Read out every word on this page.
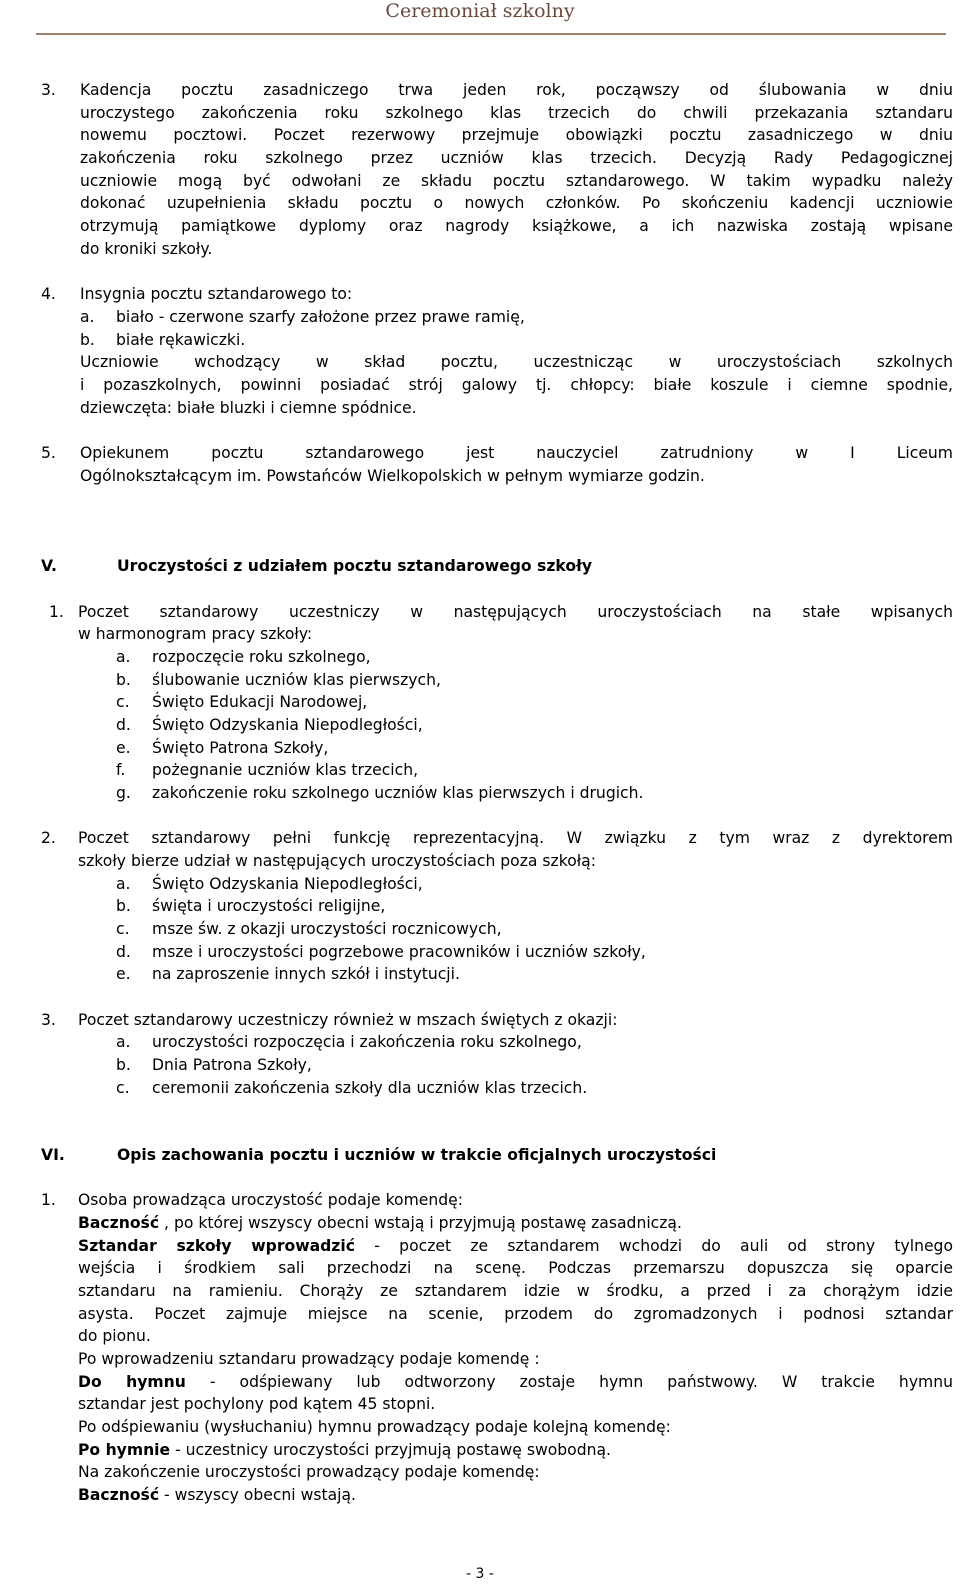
Ceremoniał szkolny
3. Kadencja pocztu zasadniczego trwa jeden rok, począwszy od ślubowania w dniu
uroczystego zakończenia roku szkolnego klas trzecich do chwili przekazania sztandaru
nowemu pocztowi. Poczet rezerwowy przejmuje obowiązki pocztu zasadniczego w dniu
zakończenia roku szkolnego przez uczniów klas trzecich. Decyzją Rady Pedagogicznej
uczniowie mogą być odwołani ze składu pocztu sztandarowego. W takim wypadku należy
dokonać uzupełnienia składu pocztu o nowych członków. Po skończeniu kadencji uczniowie
otrzymują pamiątkowe dyplomy oraz nagrody książkowe, a ich nazwiska zostają wpisane
do kroniki szkoły.
4. Insygnia pocztu sztandarowego to:
a. biało - czerwone szarfy założone przez prawe ramię,
b. białe rękawiczki.
Uczniowie wchodzący w skład pocztu, uczestnicząc w uroczystościach szkolnych
i pozaszkolnych, powinni posiadać strój galowy tj. chłopcy: białe koszule i ciemne spodnie,
dziewczęta: białe bluzki i ciemne spódnice.
5. Opiekunem pocztu sztandarowego jest nauczyciel zatrudniony w I Liceum
Ogólnokształcącym im. Powstańców Wielkopolskich w pełnym wymiarze godzin.
V.	Uroczystości z udziałem pocztu sztandarowego szkoły
1. Poczet sztandarowy uczestniczy w następujących uroczystościach na stałe wpisanych
w harmonogram pracy szkoły:
a. rozpoczęcie roku szkolnego,
b. ślubowanie uczniów klas pierwszych,
c. Święto Edukacji Narodowej,
d. Święto Odzyskania Niepodległości,
e. Święto Patrona Szkoły,
f. pożegnanie uczniów klas trzecich,
g. zakończenie roku szkolnego uczniów klas pierwszych i drugich.
2. Poczet sztandarowy pełni funkcję reprezentacyjną. W związku z tym wraz z dyrektorem
szkoły bierze udział w następujących uroczystościach poza szkołą:
a. Święto Odzyskania Niepodległości,
b. święta i uroczystości religijne,
c. msze św. z okazji uroczystości rocznicowych,
d. msze i uroczystości pogrzebowe pracowników i uczniów szkoły,
e. na zaproszenie innych szkół i instytucji.
3. Poczet sztandarowy uczestniczy również w mszach świętych z okazji:
a. uroczystości rozpoczęcia i zakończenia roku szkolnego,
b. Dnia Patrona Szkoły,
c. ceremonii zakończenia szkoły dla uczniów klas trzecich.
VI.	Opis zachowania pocztu i uczniów w trakcie oficjalnych uroczystości
1. Osoba prowadząca uroczystość podaje komendę:
Baczność , po której wszyscy obecni wstają i przyjmują postawę zasadniczą.
Sztandar szkoły wprowadzić - poczet ze sztandarem wchodzi do auli od strony tylnego
wejścia i środkiem sali przechodzi na scenę. Podczas przemarszu dopuszcza się oparcie
sztandaru na ramieniu. Chorąży ze sztandarem idzie w środku, a przed i za chorążym idzie
asysta. Poczet zajmuje miejsce na scenie, przodem do zgromadzonych i podnosi sztandar
do pionu.
Po wprowadzeniu sztandaru prowadzący podaje komendę :
Do hymnu - odśpiewany lub odtworzony zostaje hymn państwowy. W trakcie hymnu
sztandar jest pochylony pod kątem 45 stopni.
Po odśpiewaniu (wysłuchaniu) hymnu prowadzący podaje kolejną komendę:
Po hymnie - uczestnicy uroczystości przyjmują postawę swobodną.
Na zakończenie uroczystości prowadzący podaje komendę:
Baczność - wszyscy obecni wstają.
- 3 -
